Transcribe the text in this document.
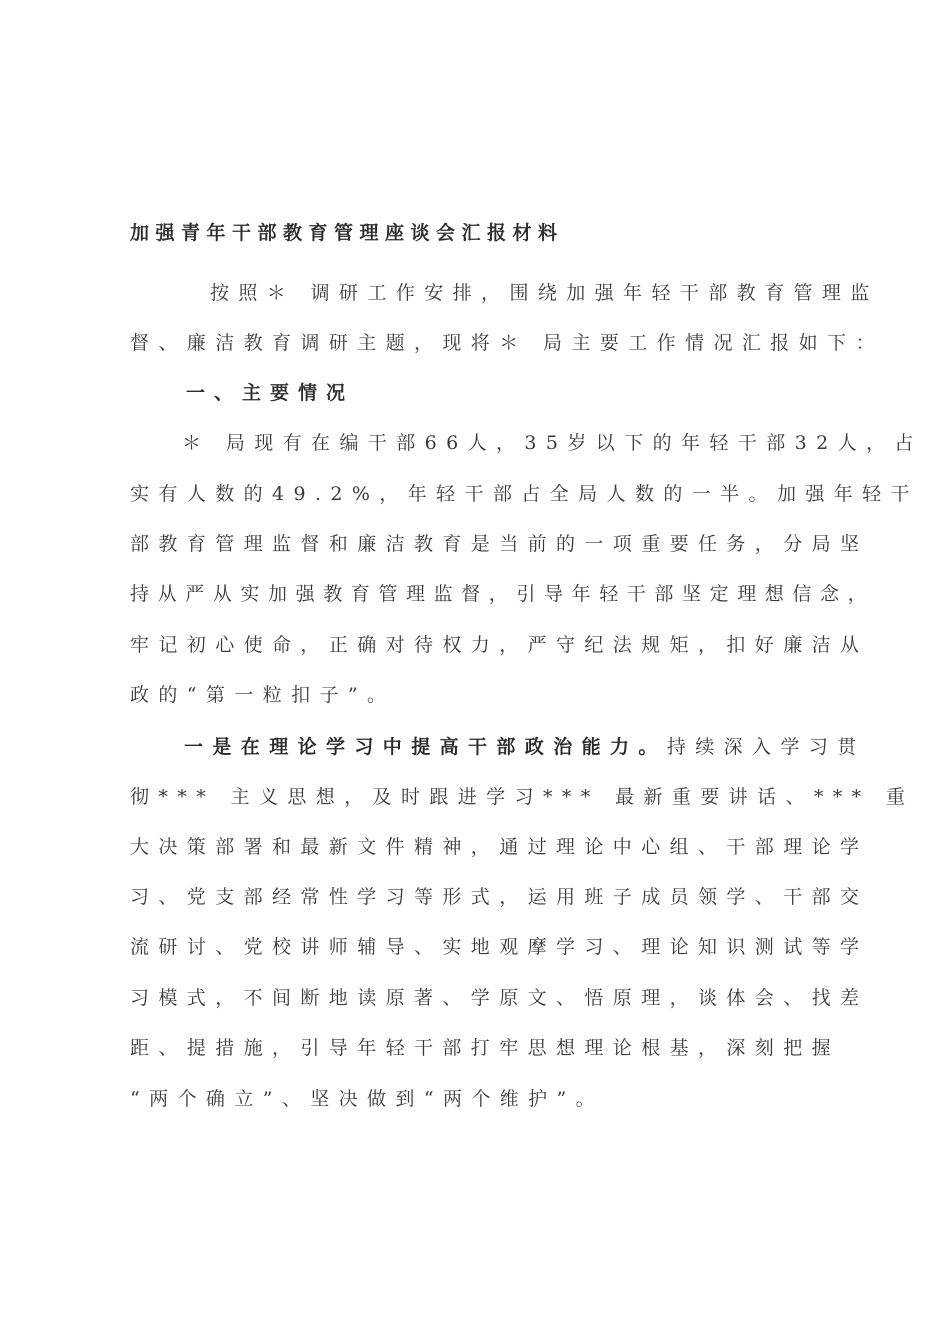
加强青年干部教育管理座谈会汇报材料

按照＊ 调研工作安排，围绕加强年轻干部教育管理监

督、廉洁教育调研主题，现将＊ 局主要工作情况汇报如下：

一、主要情况

＊ 局现有在编干部66人，35岁以下的年轻干部32人，占

实有人数的49.2%，年轻干部占全局人数的一半。加强年轻干

部教育管理监督和廉洁教育是当前的一项重要任务，分局坚

持从严从实加强教育管理监督，引导年轻干部坚定理想信念，

牢记初心使命，正确对待权力，严守纪法规矩，扣好廉洁从

政的“第一粒扣子”。

一是在理论学习中提高干部政治能力。持续深入学习贯

彻*** 主义思想，及时跟进学习*** 最新重要讲话、*** 重

大决策部署和最新文件精神，通过理论中心组、干部理论学

习、党支部经常性学习等形式，运用班子成员领学、干部交

流研讨、党校讲师辅导、实地观摩学习、理论知识测试等学

习模式，不间断地读原著、学原文、悟原理，谈体会、找差

距、提措施，引导年轻干部打牢思想理论根基，深刻把握

“两个确立”、坚决做到“两个维护”。
